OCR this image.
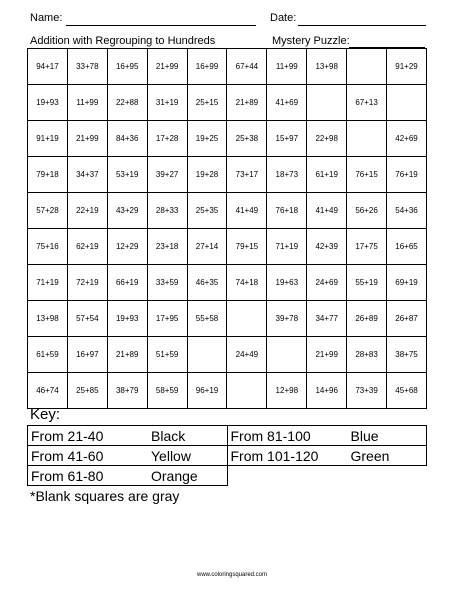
Name:	Date:
Addition with Regrouping to Hundreds	Mystery Puzzle:
94+17	33+78	16+95	21+99	16+99	67+44	11+99	13+98		91+29
19+93	11+99	22+88	31+19	25+15	21+89	41+69		67+13	
91+19	21+99	84+36	17+28	19+25	25+38	15+97	22+98		42+69
79+18	34+37	53+19	39+27	19+28	73+17	18+73	61+19	76+15	76+19
57+28	22+19	43+29	28+33	25+35	41+49	76+18	41+49	56+26	54+36
75+16	62+19	12+29	23+18	27+14	79+15	71+19	42+39	17+75	16+65
71+19	72+19	66+19	33+59	46+35	74+18	19+63	24+69	55+19	69+19
13+98	57+54	19+93	17+95	55+58		39+78	34+77	26+89	26+87
61+59	16+97	21+89	51+59		24+49		21+99	28+83	38+75
46+74	25+85	38+79	58+59	96+19		12+98	14+96	73+39	45+68
Key:
From 21-40 Black	From 81-100 Blue
From 41-60 Yellow	From 101-120 Green
From 61-80 Orange	
*Blank squares are gray
www.coloringsquared.com
